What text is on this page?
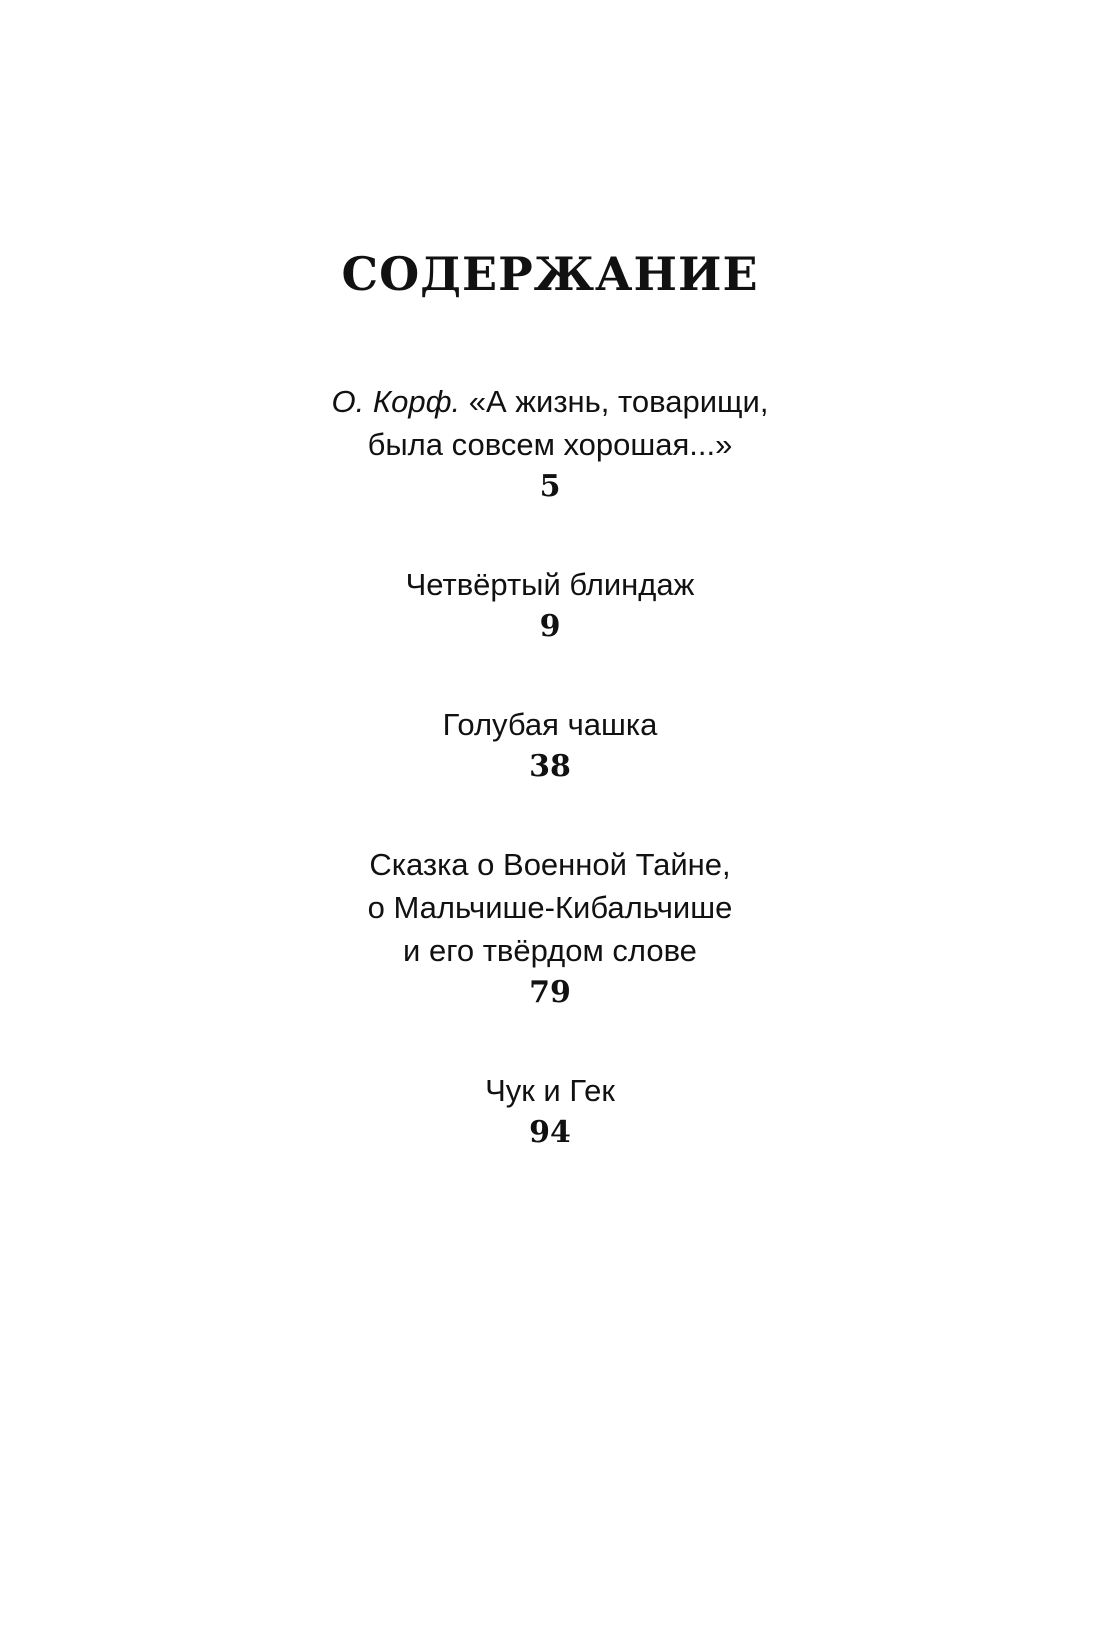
СОДЕРЖАНИЕ
О. Корф. «А жизнь, товарищи,
была совсем хорошая...»
5
Четвёртый блиндаж
9
Голубая чашка
38
Сказка о Военной Тайне,
о Мальчише-Кибальчише
и его твёрдом слове
79
Чук и Гек
94
